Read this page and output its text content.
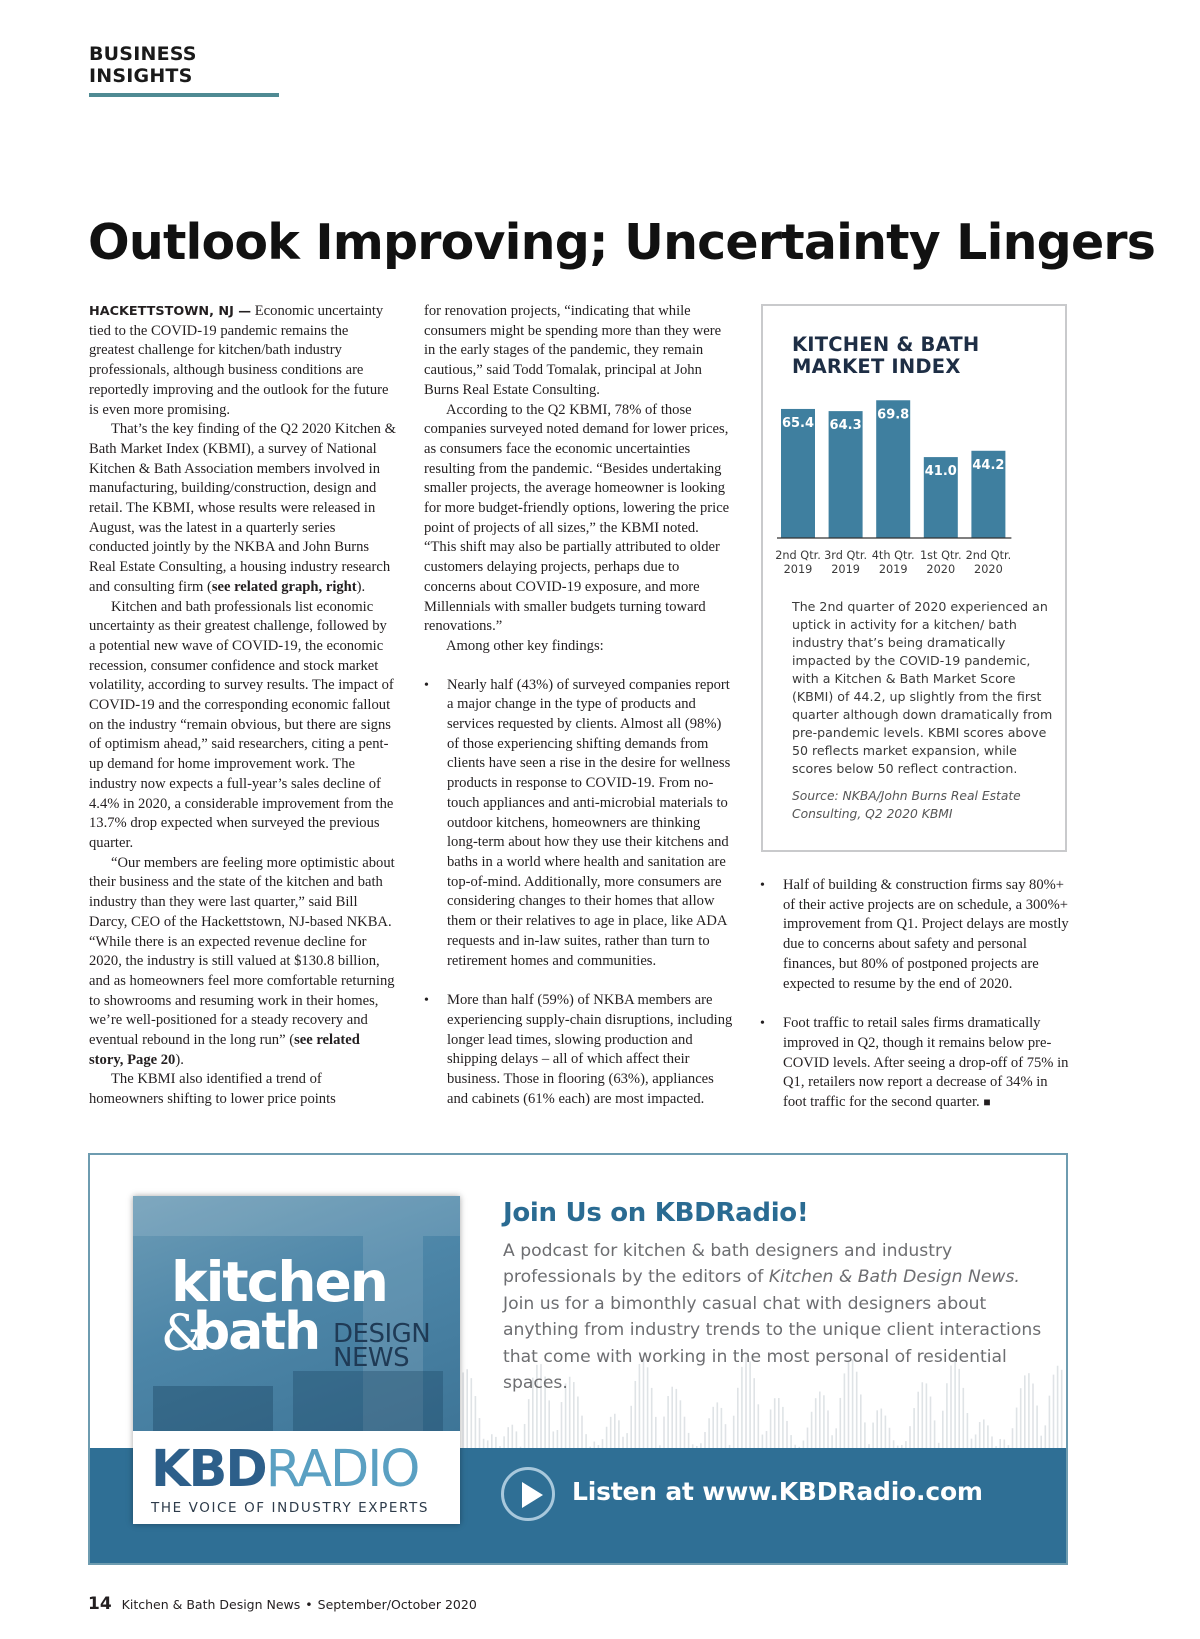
BUSINESS INSIGHTS
Outlook Improving; Uncertainty Lingers

HACKETTSTOWN, NJ — Economic uncertainty tied to the COVID-19 pandemic remains the greatest challenge for kitchen/bath industry professionals, although business conditions are reportedly improving and the outlook for the future is even more promising.

That’s the key finding of the Q2 2020 Kitchen & Bath Market Index (KBMI), a survey of National Kitchen & Bath Association members involved in manufacturing, building/construction, design and retail. The KBMI, whose results were released in August, was the latest in a quarterly series conducted jointly by the NKBA and John Burns Real Estate Consulting, a housing industry research and consulting firm (see related graph, right).

Kitchen and bath professionals list economic uncertainty as their greatest challenge, followed by a potential new wave of COVID-19, the economic recession, consumer confidence and stock market volatility, according to survey results. The impact of COVID-19 and the corresponding economic fallout on the industry “remain obvious, but there are signs of optimism ahead,” said researchers, citing a pent-up demand for home improvement work. The industry now expects a full-year’s sales decline of 4.4% in 2020, a considerable improvement from the 13.7% drop expected when surveyed the previous quarter.

“Our members are feeling more optimistic about their business and the state of the kitchen and bath industry than they were last quarter,” said Bill Darcy, CEO of the Hackettstown, NJ-based NKBA. “While there is an expected revenue decline for 2020, the industry is still valued at $130.8 billion, and as homeowners feel more comfortable returning to showrooms and resuming work in their homes, we’re well-positioned for a steady recovery and eventual rebound in the long run” (see related story, Page 20).

The KBMI also identified a trend of homeowners shifting to lower price points

for renovation projects, “indicating that while consumers might be spending more than they were in the early stages of the pandemic, they remain cautious,” said Todd Tomalak, principal at John Burns Real Estate Consulting.

According to the Q2 KBMI, 78% of those companies surveyed noted demand for lower prices, as consumers face the economic uncertainties resulting from the pandemic. “Besides undertaking smaller projects, the average homeowner is looking for more budget-friendly options, lowering the price point of projects of all sizes,” the KBMI noted. “This shift may also be partially attributed to older customers delaying projects, perhaps due to concerns about COVID-19 exposure, and more Millennials with smaller budgets turning toward renovations.”

Among other key findings:

• Nearly half (43%) of surveyed companies report a major change in the type of products and services requested by clients. Almost all (98%) of those experiencing shifting demands from clients have seen a rise in the desire for wellness products in response to COVID-19. From no-touch appliances and anti-microbial materials to outdoor kitchens, homeowners are thinking long-term about how they use their kitchens and baths in a world where health and sanitation are top-of-mind. Additionally, more consumers are considering changes to their homes that allow them or their relatives to age in place, like ADA requests and in-law suites, rather than turn to retirement homes and communities.
• More than half (59%) of NKBA members are experiencing supply-chain disruptions, including longer lead times, slowing production and shipping delays – all of which affect their business. Those in flooring (63%), appliances and cabinets (61% each) are most impacted.
• Half of building & construction firms say 80%+ of their active projects are on schedule, a 300%+ improvement from Q1. Project delays are mostly due to concerns about safety and personal finances, but 80% of postponed projects are expected to resume by the end of 2020.
• Foot traffic to retail sales firms dramatically improved in Q2, though it remains below pre-COVID levels. After seeing a drop-off of 75% in Q1, retailers now report a decrease of 34% in foot traffic for the second quarter. ■
KITCHEN & BATH
MARKET INDEX
65.4
2nd Qtr.
2019
64.3
3rd Qtr.
2019
69.8
4th Qtr.
2019
41.0
1st Qtr.
2020
44.2
2nd Qtr.
2020
The 2nd quarter of 2020 experienced an uptick in activity for a kitchen/ bath industry that’s being dramatically impacted by the COVID-19 pandemic, with a Kitchen & Bath Market Score (KBMI) of 44.2, up slightly from the first quarter although down dramatically from pre-pandemic levels. KBMI scores above 50 reflects market expansion, while scores below 50 reflect contraction.
Source: NKBA/John Burns Real Estate Consulting, Q2 2020 KBMI
kitchen
&
bath DESIGN
NEWS
KBDRADIO
THE VOICE OF INDUSTRY EXPERTS
Join Us on KBDRadio!

A podcast for kitchen & bath designers and industry professionals by the editors of Kitchen & Bath Design News.

Join us for a bimonthly casual chat with designers about anything from industry trends to the unique client interactions that come with working in the most personal of residential spaces.

Listen at www.KBDRadio.com
14 Kitchen & Bath Design News • September/October 2020
